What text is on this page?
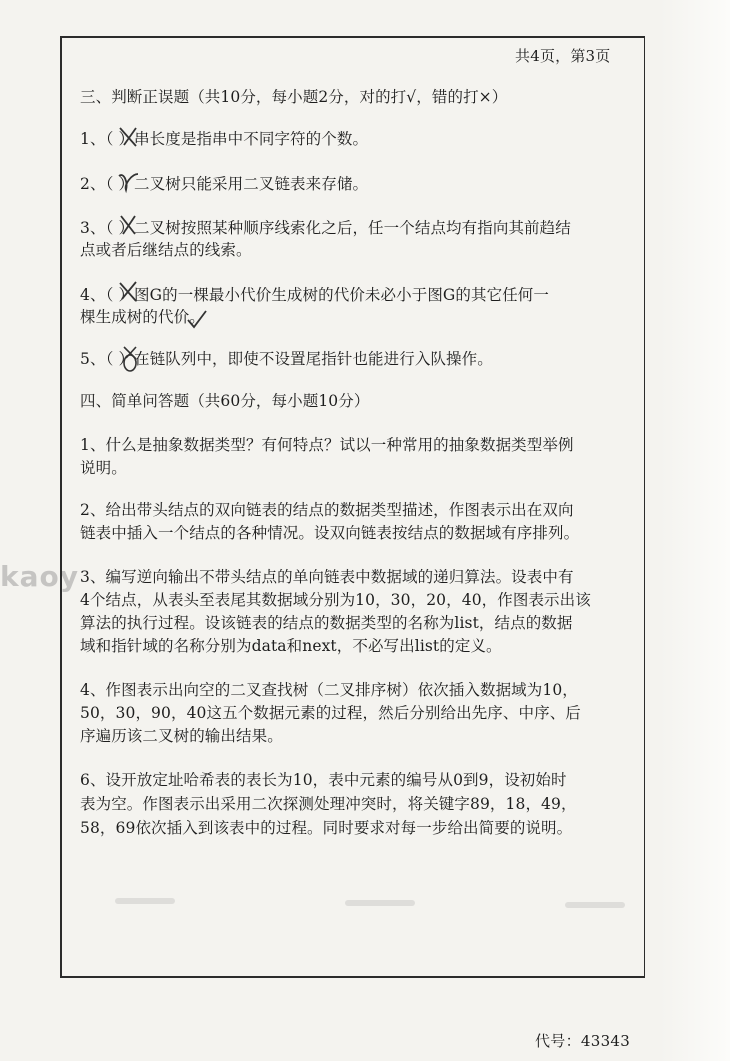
kaoy
共4页，第3页
三、判断正误题（共10分，每小题2分，对的打√，错的打×）
1、（ ）串长度是指串中不同字符的个数。
2、（ ）二叉树只能采用二叉链表来存储。
3、（ ）二叉树按照某种顺序线索化之后，任一个结点均有指向其前趋结
点或者后继结点的线索。
4、（ ）图G的一棵最小代价生成树的代价未必小于图G的其它任何一
棵生成树的代价。
5、（ ）在链队列中，即使不设置尾指针也能进行入队操作。
四、简单问答题（共60分，每小题10分）
1、什么是抽象数据类型？有何特点？试以一种常用的抽象数据类型举例
说明。
2、给出带头结点的双向链表的结点的数据类型描述，作图表示出在双向
链表中插入一个结点的各种情况。设双向链表按结点的数据域有序排列。
3、编写逆向输出不带头结点的单向链表中数据域的递归算法。设表中有
4个结点，从表头至表尾其数据域分别为10，30，20，40，作图表示出该
算法的执行过程。设该链表的结点的数据类型的名称为list，结点的数据
域和指针域的名称分别为data和next，不必写出list的定义。
4、作图表示出向空的二叉查找树（二叉排序树）依次插入数据域为10，
50，30，90，40这五个数据元素的过程，然后分别给出先序、中序、后
序遍历该二叉树的输出结果。
6、设开放定址哈希表的表长为10，表中元素的编号从0到9，设初始时
表为空。作图表示出采用二次探测处理冲突时，将关键字89，18，49，
58，69依次插入到该表中的过程。同时要求对每一步给出简要的说明。
代号：43343
